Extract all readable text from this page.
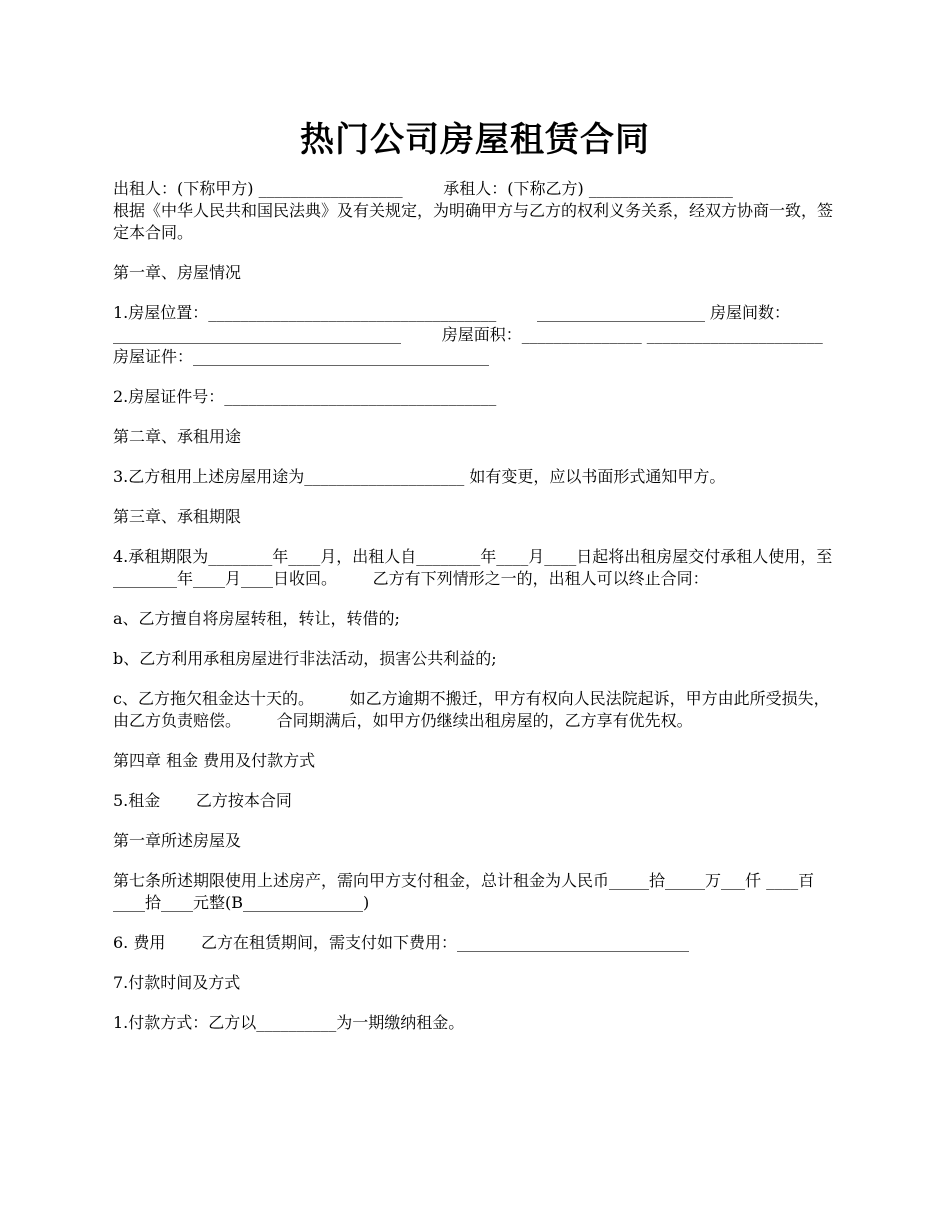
热门公司房屋租赁合同

出租人：(下称甲方) __________________        承租人：(下称乙方) __________________

根据《中华人民共和国民法典》及有关规定，为明确甲方与乙方的权利义务关系，经双方协商一致，签定本合同。

第一章、房屋情况

1.房屋位置：____________________________________        _____________________ 房屋间数：____________________________________        房屋面积：_______________ ______________________        房屋证件：_____________________________________

2.房屋证件号：__________________________________

第二章、承租用途

3.乙方租用上述房屋用途为____________________ 如有变更，应以书面形式通知甲方。

第三章、承租期限

4.承租期限为________年____月，出租人自________年____月____日起将出租房屋交付承租人使用，至________年____月____日收回。       乙方有下列情形之一的，出租人可以终止合同：

a、乙方擅自将房屋转租，转让，转借的;

b、乙方利用承租房屋进行非法活动，损害公共利益的;

c、乙方拖欠租金达十天的。       如乙方逾期不搬迁，甲方有权向人民法院起诉，甲方由此所受损失，由乙方负责赔偿。       合同期满后，如甲方仍继续出租房屋的，乙方享有优先权。

第四章 租金 费用及付款方式

5.租金       乙方按本合同

第一章所述房屋及

第七条所述期限使用上述房产，需向甲方支付租金，总计租金为人民币_____拾_____万___仟 ____百____拾____元整(B_______________)

6. 费用       乙方在租赁期间，需支付如下费用：_____________________________

7.付款时间及方式

1.付款方式：乙方以__________为一期缴纳租金。
